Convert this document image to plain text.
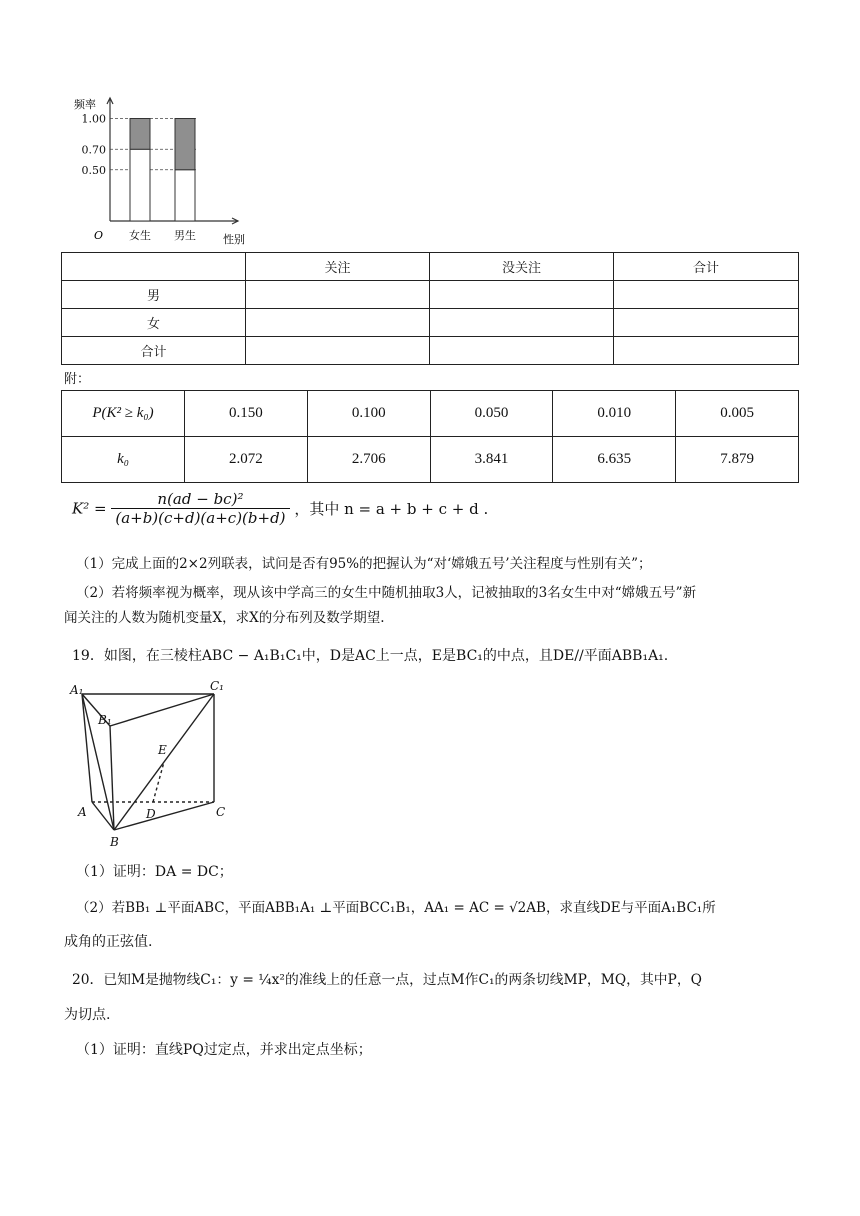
频率
O
1.00
0.70
0.50
女生 男生 性别
	关注	没关注	合计
男			
女			
合计			
附：
P(K² ≥ k₀)	0.150	0.100	0.050	0.010	0.005
k₀	2.072	2.706	3.841	6.635	7.879
$K^2 = \frac{\text{n(ad − bc)²}}{(a+b)(c+d)(a+c)(b+d)}$ ，其中 n = a + b + c + d .
（1）完成上面的2×2列联表，试问是否有95%的把握认为“对‘嫦娥五号’关注程度与性别有关”；
（2）若将频率视为概率，现从该中学高三的女生中随机抽取3人，记被抽取的3名女生中对“嫦娥五号”新
闻关注的人数为随机变量X，求X的分布列及数学期望.
19．如图，在三棱柱ABC − A₁B₁C₁中，D是AC上一点，E是BC₁的中点，且DE//平面ABB₁A₁.
A₁
B₁
C₁
E
A	D	C
B
（1）证明：DA = DC；
（2）若BB₁ ⊥平面ABC，平面ABB₁A₁ ⊥平面BCC₁B₁，AA₁ = AC = √2AB，求直线DE与平面A₁BC₁所
成角的正弦值.
20．已知M是抛物线C₁：y = ¼x²的准线上的任意一点，过点M作C₁的两条切线MP，MQ，其中P，Q
为切点.
（1）证明：直线PQ过定点，并求出定点坐标；
